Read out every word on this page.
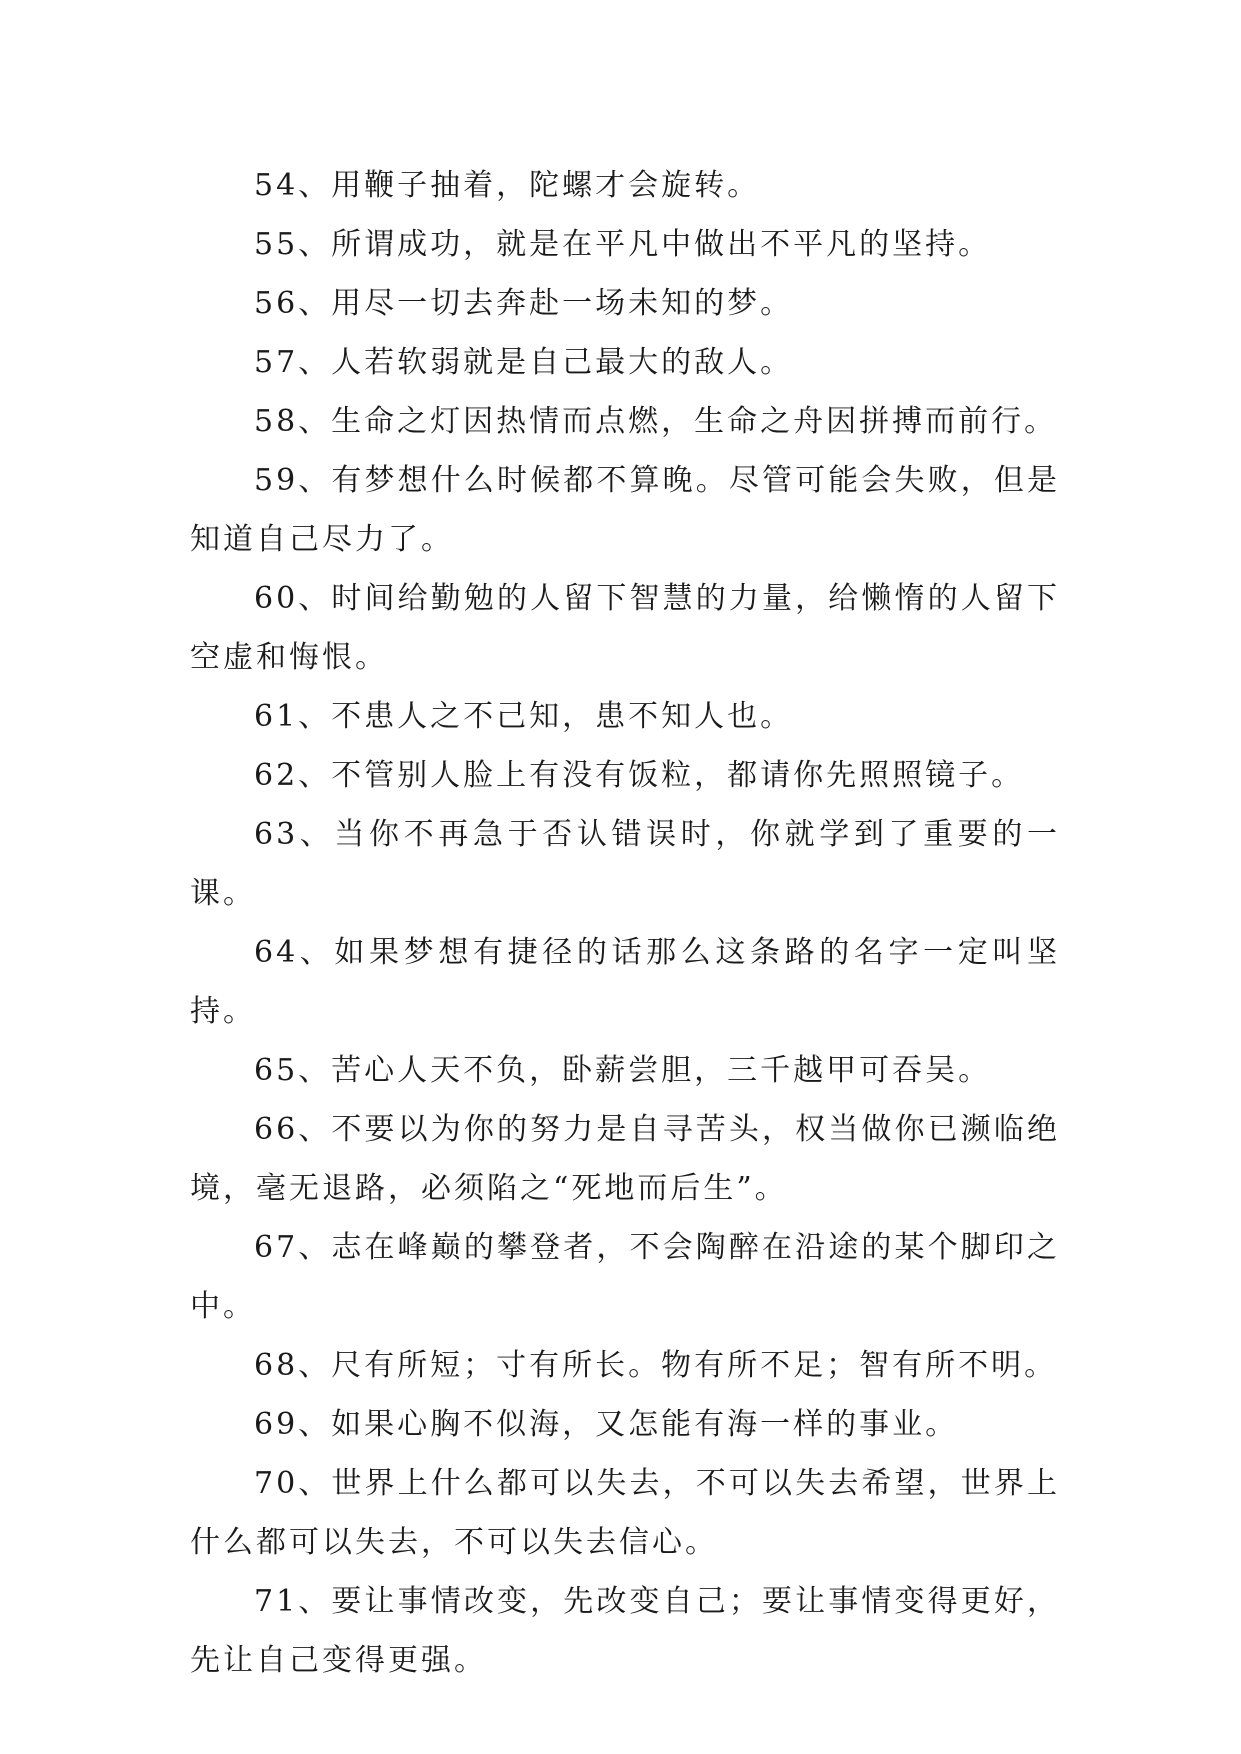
54、用鞭子抽着，陀螺才会旋转。

55、所谓成功，就是在平凡中做出不平凡的坚持。

56、用尽一切去奔赴一场未知的梦。

57、人若软弱就是自己最大的敌人。

58、生命之灯因热情而点燃，生命之舟因拼搏而前行。

59、有梦想什么时候都不算晚。尽管可能会失败，但是知道自己尽力了。

60、时间给勤勉的人留下智慧的力量，给懒惰的人留下空虚和悔恨。

61、不患人之不己知，患不知人也。

62、不管别人脸上有没有饭粒，都请你先照照镜子。

63、当你不再急于否认错误时，你就学到了重要的一课。

64、如果梦想有捷径的话那么这条路的名字一定叫坚持。

65、苦心人天不负，卧薪尝胆，三千越甲可吞吴。

66、不要以为你的努力是自寻苦头，权当做你已濒临绝境，毫无退路，必须陷之“死地而后生”。

67、志在峰巅的攀登者，不会陶醉在沿途的某个脚印之中。

68、尺有所短；寸有所长。物有所不足；智有所不明。

69、如果心胸不似海，又怎能有海一样的事业。

70、世界上什么都可以失去，不可以失去希望，世界上什么都可以失去，不可以失去信心。

71、要让事情改变，先改变自己；要让事情变得更好，先让自己变得更强。
